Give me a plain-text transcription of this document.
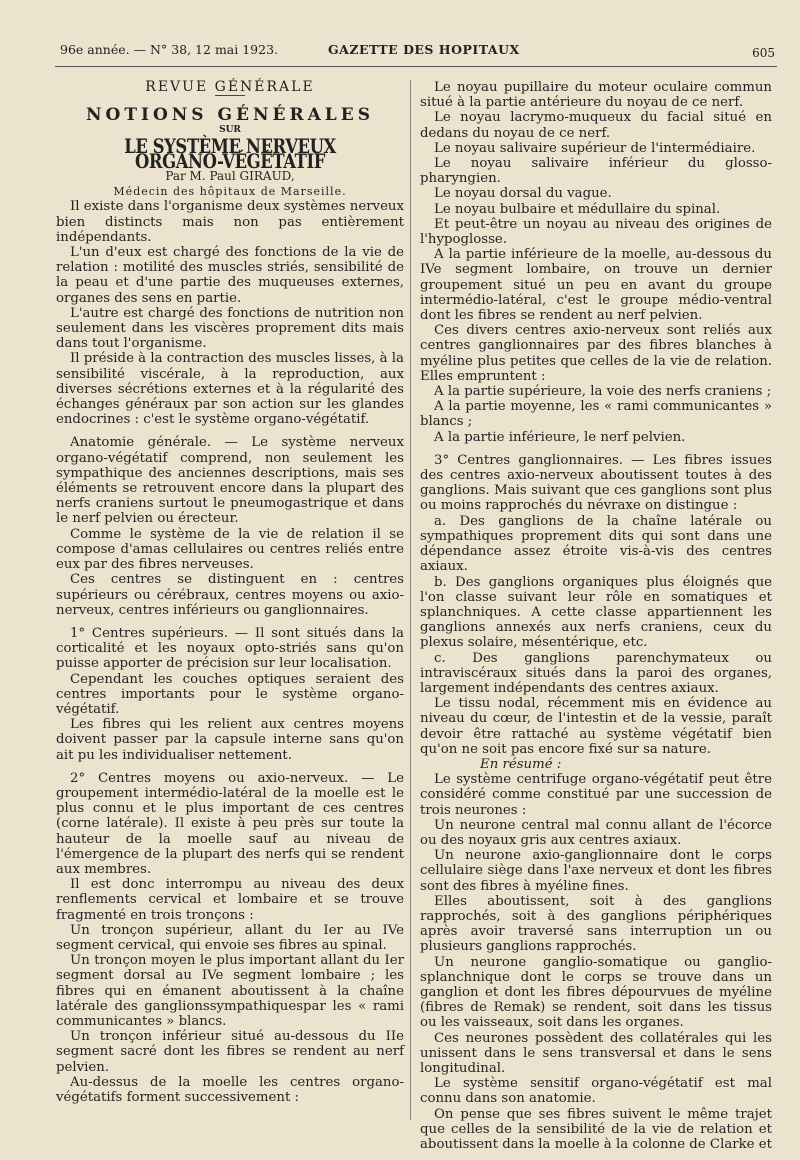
96e année. — N° 38, 12 mai 1923.	GAZETTE DES HOPITAUX	605

REVUE GÉNÉRALE

NOTIONS GÉNÉRALES

SUR

LE SYSTÈME NERVEUX ORGANO-VÉGÉTATIF

Par M. Paul GIRAUD,

Médecin des hôpitaux de Marseille.

Il existe dans l'organisme deux systèmes nerveux bien distincts mais non pas entièrement indépendants.

L'un d'eux est chargé des fonctions de la vie de relation : motilité des muscles striés, sensibilité de la peau et d'une partie des muqueuses externes, organes des sens en partie.

L'autre est chargé des fonctions de nutrition non seulement dans les viscères proprement dits mais dans tout l'organisme.

Il préside à la contraction des muscles lisses, à la sensibilité viscérale, à la reproduction, aux diverses sécrétions externes et à la régularité des échanges généraux par son action sur les glandes endocrines : c'est le système organo-végétatif.

Anatomie générale. — Le système nerveux organo-végétatif comprend, non seulement les sympathique des anciennes descriptions, mais ses éléments se retrouvent encore dans la plupart des nerfs craniens surtout le pneumogastrique et dans le nerf pelvien ou érecteur.

Comme le système de la vie de relation il se compose d'amas cellulaires ou centres reliés entre eux par des fibres nerveuses.

Ces centres se distinguent en : centres supérieurs ou cérébraux, centres moyens ou axio-nerveux, centres inférieurs ou ganglionnaires.

1° Centres supérieurs. — Il sont situés dans la corticalité et les noyaux opto-striés sans qu'on puisse apporter de précision sur leur localisation.

Cependant les couches optiques seraient des centres importants pour le système organo-végétatif.

Les fibres qui les relient aux centres moyens doivent passer par la capsule interne sans qu'on ait pu les individualiser nettement.

2° Centres moyens ou axio-nerveux. — Le groupement intermédio-latéral de la moelle est le plus connu et le plus important de ces centres (corne latérale). Il existe à peu près sur toute la hauteur de la moelle sauf au niveau de l'émergence de la plupart des nerfs qui se rendent aux membres.

Il est donc interrompu au niveau des deux renflements cervical et lombaire et se trouve fragmenté en trois tronçons :

Un tronçon supérieur, allant du Ier au IVe segment cervical, qui envoie ses fibres au spinal.

Un tronçon moyen le plus important allant du Ier segment dorsal au IVe segment lombaire ; les fibres qui en émanent aboutissent à la chaîne latérale des ganglionssympathiquespar les « rami communicantes » blancs.

Un tronçon inférieur situé au-dessous du IIe segment sacré dont les fibres se rendent au nerf pelvien.

Au-dessus de la moelle les centres organo-végétatifs forment successivement :

Le noyau pupillaire du moteur oculaire commun situé à la partie antérieure du noyau de ce nerf.

Le noyau lacrymo-muqueux du facial situé en dedans du noyau de ce nerf.

Le noyau salivaire supérieur de l'intermédiaire.

Le noyau salivaire inférieur du glosso-pharyngien.

Le noyau dorsal du vague.

Le noyau bulbaire et médullaire du spinal.

Et peut-être un noyau au niveau des origines de l'hypoglosse.

A la partie inférieure de la moelle, au-dessous du IVe segment lombaire, on trouve un dernier groupement situé un peu en avant du groupe intermédio-latéral, c'est le groupe médio-ventral dont les fibres se rendent au nerf pelvien.

Ces divers centres axio-nerveux sont reliés aux centres ganglionnaires par des fibres blanches à myéline plus petites que celles de la vie de relation. Elles empruntent :

A la partie supérieure, la voie des nerfs craniens ;

A la partie moyenne, les « rami communicantes » blancs ;

A la partie inférieure, le nerf pelvien.

3° Centres ganglionnaires. — Les fibres issues des centres axio-nerveux aboutissent toutes à des ganglions. Mais suivant que ces ganglions sont plus ou moins rapprochés du névraxe on distingue :

a. Des ganglions de la chaîne latérale ou sympathiques proprement dits qui sont dans une dépendance assez étroite vis-à-vis des centres axiaux.

b. Des ganglions organiques plus éloignés que l'on classe suivant leur rôle en somatiques et splanchniques. A cette classe appartiennent les ganglions annexés aux nerfs craniens, ceux du plexus solaire, mésentérique, etc.

c. Des ganglions parenchymateux ou intraviscéraux situés dans la paroi des organes, largement indépendants des centres axiaux.

Le tissu nodal, récemment mis en évidence au niveau du cœur, de l'intestin et de la vessie, paraît devoir être rattaché au système végétatif bien qu'on ne soit pas encore fixé sur sa nature.

En résumé :

Le système centrifuge organo-végétatif peut être considéré comme constitué par une succession de trois neurones :

Un neurone central mal connu allant de l'écorce ou des noyaux gris aux centres axiaux.

Un neurone axio-ganglionnaire dont le corps cellulaire siège dans l'axe nerveux et dont les fibres sont des fibres à myéline fines.

Elles aboutissent, soit à des ganglions rapprochés, soit à des ganglions périphériques après avoir traversé sans interruption un ou plusieurs ganglions rapprochés.

Un neurone ganglio-somatique ou ganglio-splanchnique dont le corps se trouve dans un ganglion et dont les fibres dépourvues de myéline (fibres de Remak) se rendent, soit dans les tissus ou les vaisseaux, soit dans les organes.

Ces neurones possèdent des collatérales qui les unissent dans le sens transversal et dans le sens longitudinal.

Le système sensitif organo-végétatif est mal connu dans son anatomie.

On pense que ses fibres suivent le même trajet que celles de la sensibilité de la vie de relation et aboutissent dans la moelle à la colonne de Clarke et
